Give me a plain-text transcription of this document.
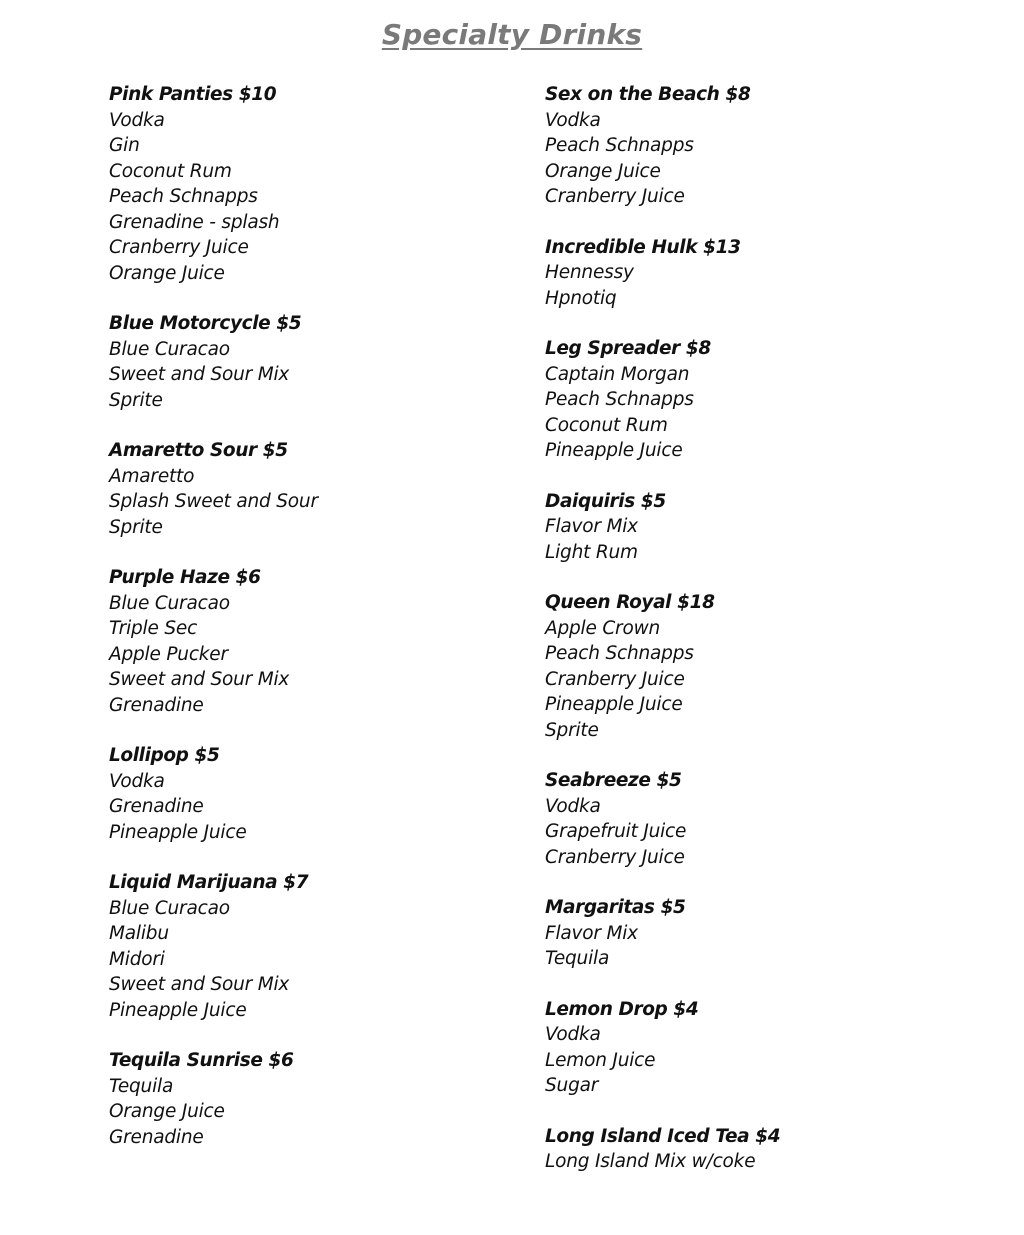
Specialty Drinks
Pink Panties $10
Vodka
Gin
Coconut Rum
Peach Schnapps
Grenadine - splash
Cranberry Juice
Orange Juice
Blue Motorcycle $5
Blue Curacao
Sweet and Sour Mix
Sprite
Amaretto Sour $5
Amaretto
Splash Sweet and Sour
Sprite
Purple Haze $6
Blue Curacao
Triple Sec
Apple Pucker
Sweet and Sour Mix
Grenadine
Lollipop $5
Vodka
Grenadine
Pineapple Juice
Liquid Marijuana $7
Blue Curacao
Malibu
Midori
Sweet and Sour Mix
Pineapple Juice
Tequila Sunrise $6
Tequila
Orange Juice
Grenadine
Sex on the Beach $8
Vodka
Peach Schnapps
Orange Juice
Cranberry Juice
Incredible Hulk $13
Hennessy
Hpnotiq
Leg Spreader $8
Captain Morgan
Peach Schnapps
Coconut Rum
Pineapple Juice
Daiquiris $5
Flavor Mix
Light Rum
Queen Royal $18
Apple Crown
Peach Schnapps
Cranberry Juice
Pineapple Juice
Sprite
Seabreeze $5
Vodka
Grapefruit Juice
Cranberry Juice
Margaritas $5
Flavor Mix
Tequila
Lemon Drop $4
Vodka
Lemon Juice
Sugar
Long Island Iced Tea $4
Long Island Mix w/coke
